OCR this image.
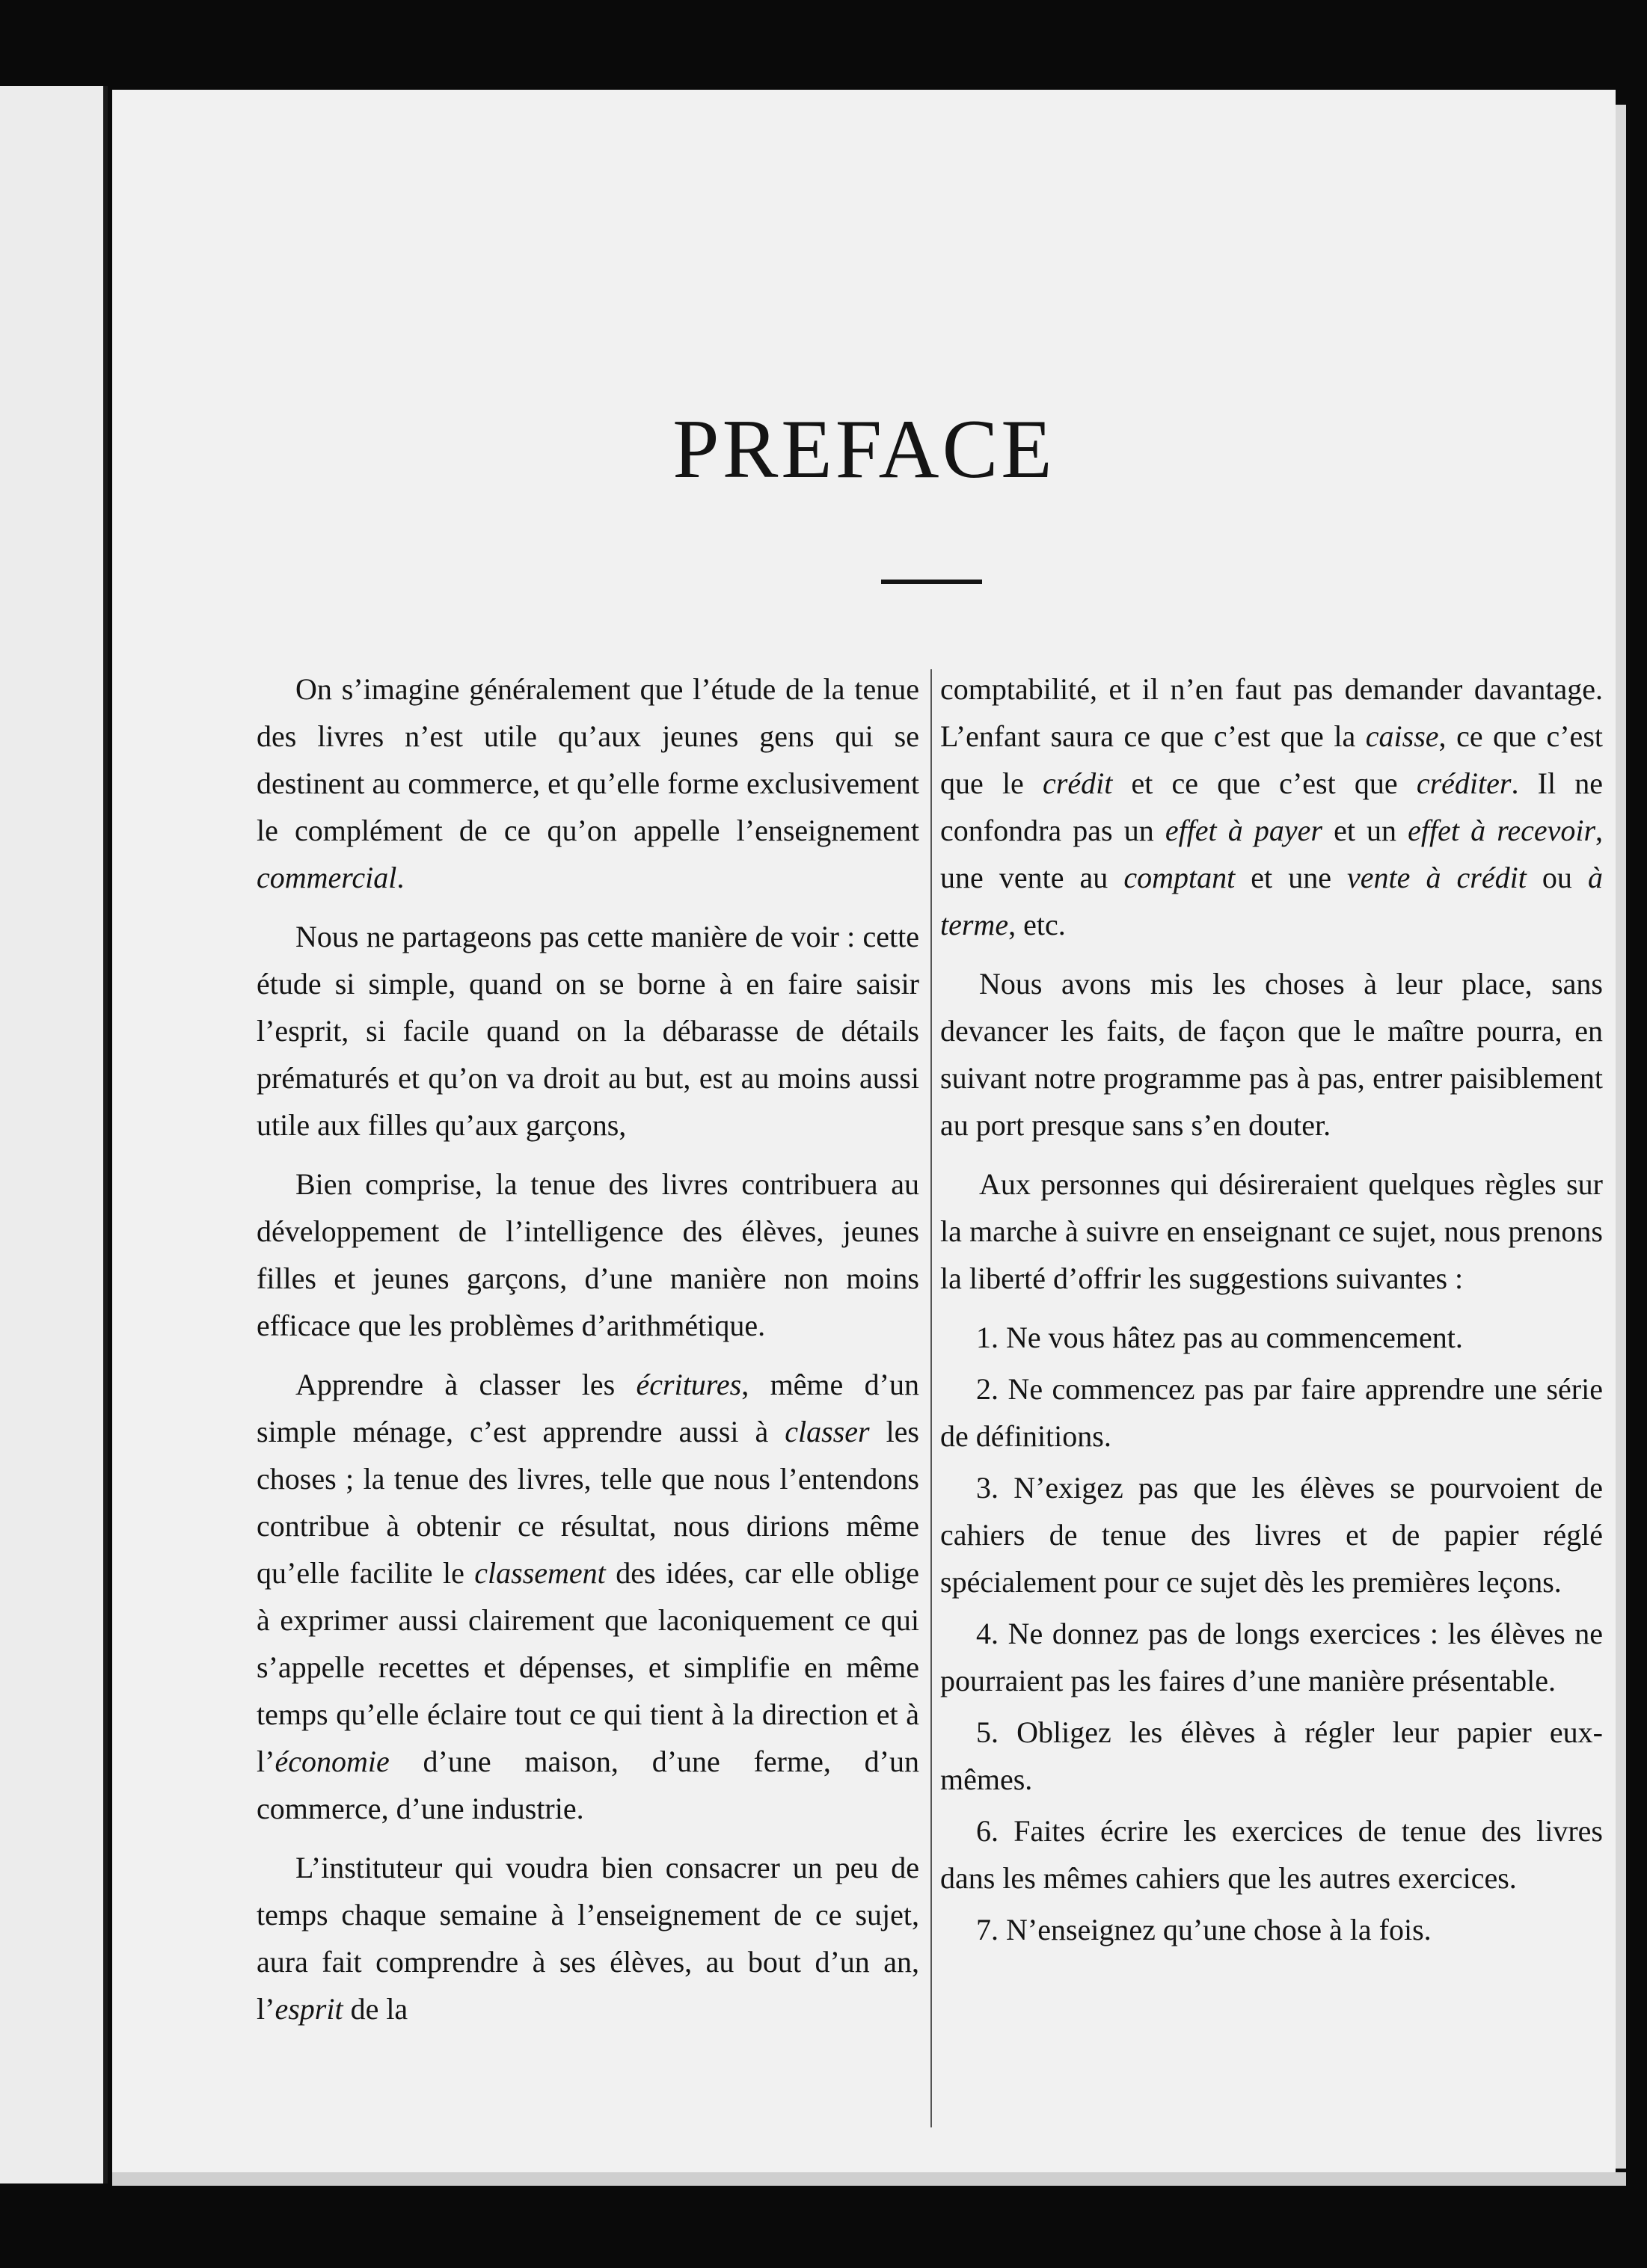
PREFACE

On s’imagine généralement que l’étude de la tenue des livres n’est utile qu’aux jeunes gens qui se destinent au commerce, et qu’elle forme exclusivement le complément de ce qu’on appelle l’enseignement commercial.

Nous ne partageons pas cette manière de voir : cette étude si simple, quand on se borne à en faire saisir l’esprit, si facile quand on la débarasse de détails prématurés et qu’on va droit au but, est au moins aussi utile aux filles qu’aux garçons,

Bien comprise, la tenue des livres contribuera au développement de l’intelligence des élèves, jeunes filles et jeunes garçons, d’une manière non moins efficace que les problèmes d’arithmétique.

Apprendre à classer les écritures, même d’un simple ménage, c’est apprendre aussi à classer les choses ; la tenue des livres, telle que nous l’entendons contribue à obtenir ce résultat, nous dirions même qu’elle facilite le classement des idées, car elle oblige à exprimer aussi clairement que laconiquement ce qui s’appelle recettes et dépenses, et simplifie en même temps qu’elle éclaire tout ce qui tient à la direction et à l’économie d’une maison, d’une ferme, d’un commerce, d’une industrie.

L’instituteur qui voudra bien consacrer un peu de temps chaque semaine à l’enseignement de ce sujet, aura fait comprendre à ses élèves, au bout d’un an, l’esprit de la

comptabilité, et il n’en faut pas demander davantage. L’enfant saura ce que c’est que la caisse, ce que c’est que le crédit et ce que c’est que créditer. Il ne confondra pas un effet à payer et un effet à recevoir, une vente au comptant et une vente à crédit ou à terme, etc.

Nous avons mis les choses à leur place, sans devancer les faits, de façon que le maître pourra, en suivant notre programme pas à pas, entrer paisiblement au port presque sans s’en douter.

Aux personnes qui désireraient quelques règles sur la marche à suivre en enseignant ce sujet, nous prenons la liberté d’offrir les suggestions suivantes :

1. Ne vous hâtez pas au commencement.

2. Ne commencez pas par faire apprendre une série de définitions.

3. N’exigez pas que les élèves se pourvoient de cahiers de tenue des livres et de papier réglé spécialement pour ce sujet dès les premières leçons.

4. Ne donnez pas de longs exercices : les élèves ne pourraient pas les faires d’une manière présentable.

5. Obligez les élèves à régler leur papier eux-mêmes.

6. Faites écrire les exercices de tenue des livres dans les mêmes cahiers que les autres exercices.

7. N’enseignez qu’une chose à la fois.
